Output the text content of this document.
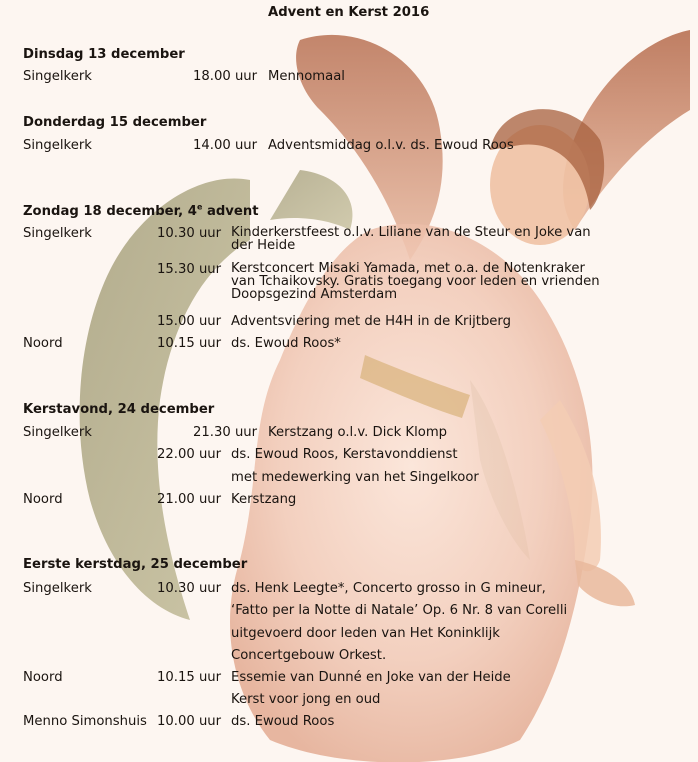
Advent en Kerst 2016
Dinsdag 13 december
Singelkerk	18.00 uur Mennomaal
Donderdag 15 december
Singelkerk	14.00 uur Adventsmiddag o.l.v. ds. Ewoud Roos
Zondag 18 december, 4e advent
Singelkerk	10.30 uur Kinderkerstfeest o.l.v. Liliane van de Steur en Joke van der Heide
15.30 uur Kerstconcert Misaki Yamada, met o.a. de Notenkraker van Tchaikovsky. Gratis toegang voor leden en vrienden Doopsgezind Amsterdam
15.00 uur Adventsviering met de H4H in de Krijtberg
Noord	10.15 uur ds. Ewoud Roos*
Kerstavond, 24 december
Singelkerk	21.30 uur Kerstzang o.l.v. Dick Klomp
22.00 uur ds. Ewoud Roos, Kerstavonddienst
met medewerking van het Singelkoor
Noord	21.00 uur Kerstzang
Eerste kerstdag, 25 december
Singelkerk	10.30 uur ds. Henk Leegte*, Concerto grosso in G mineur,
‘Fatto per la Notte di Natale’ Op. 6 Nr. 8 van Corelli
uitgevoerd door leden van Het Koninklijk
Concertgebouw Orkest.
Noord	10.15 uur Essemie van Dunné en Joke van der Heide
Kerst voor jong en oud
Menno Simonshuis 10.00 uur ds. Ewoud Roos
